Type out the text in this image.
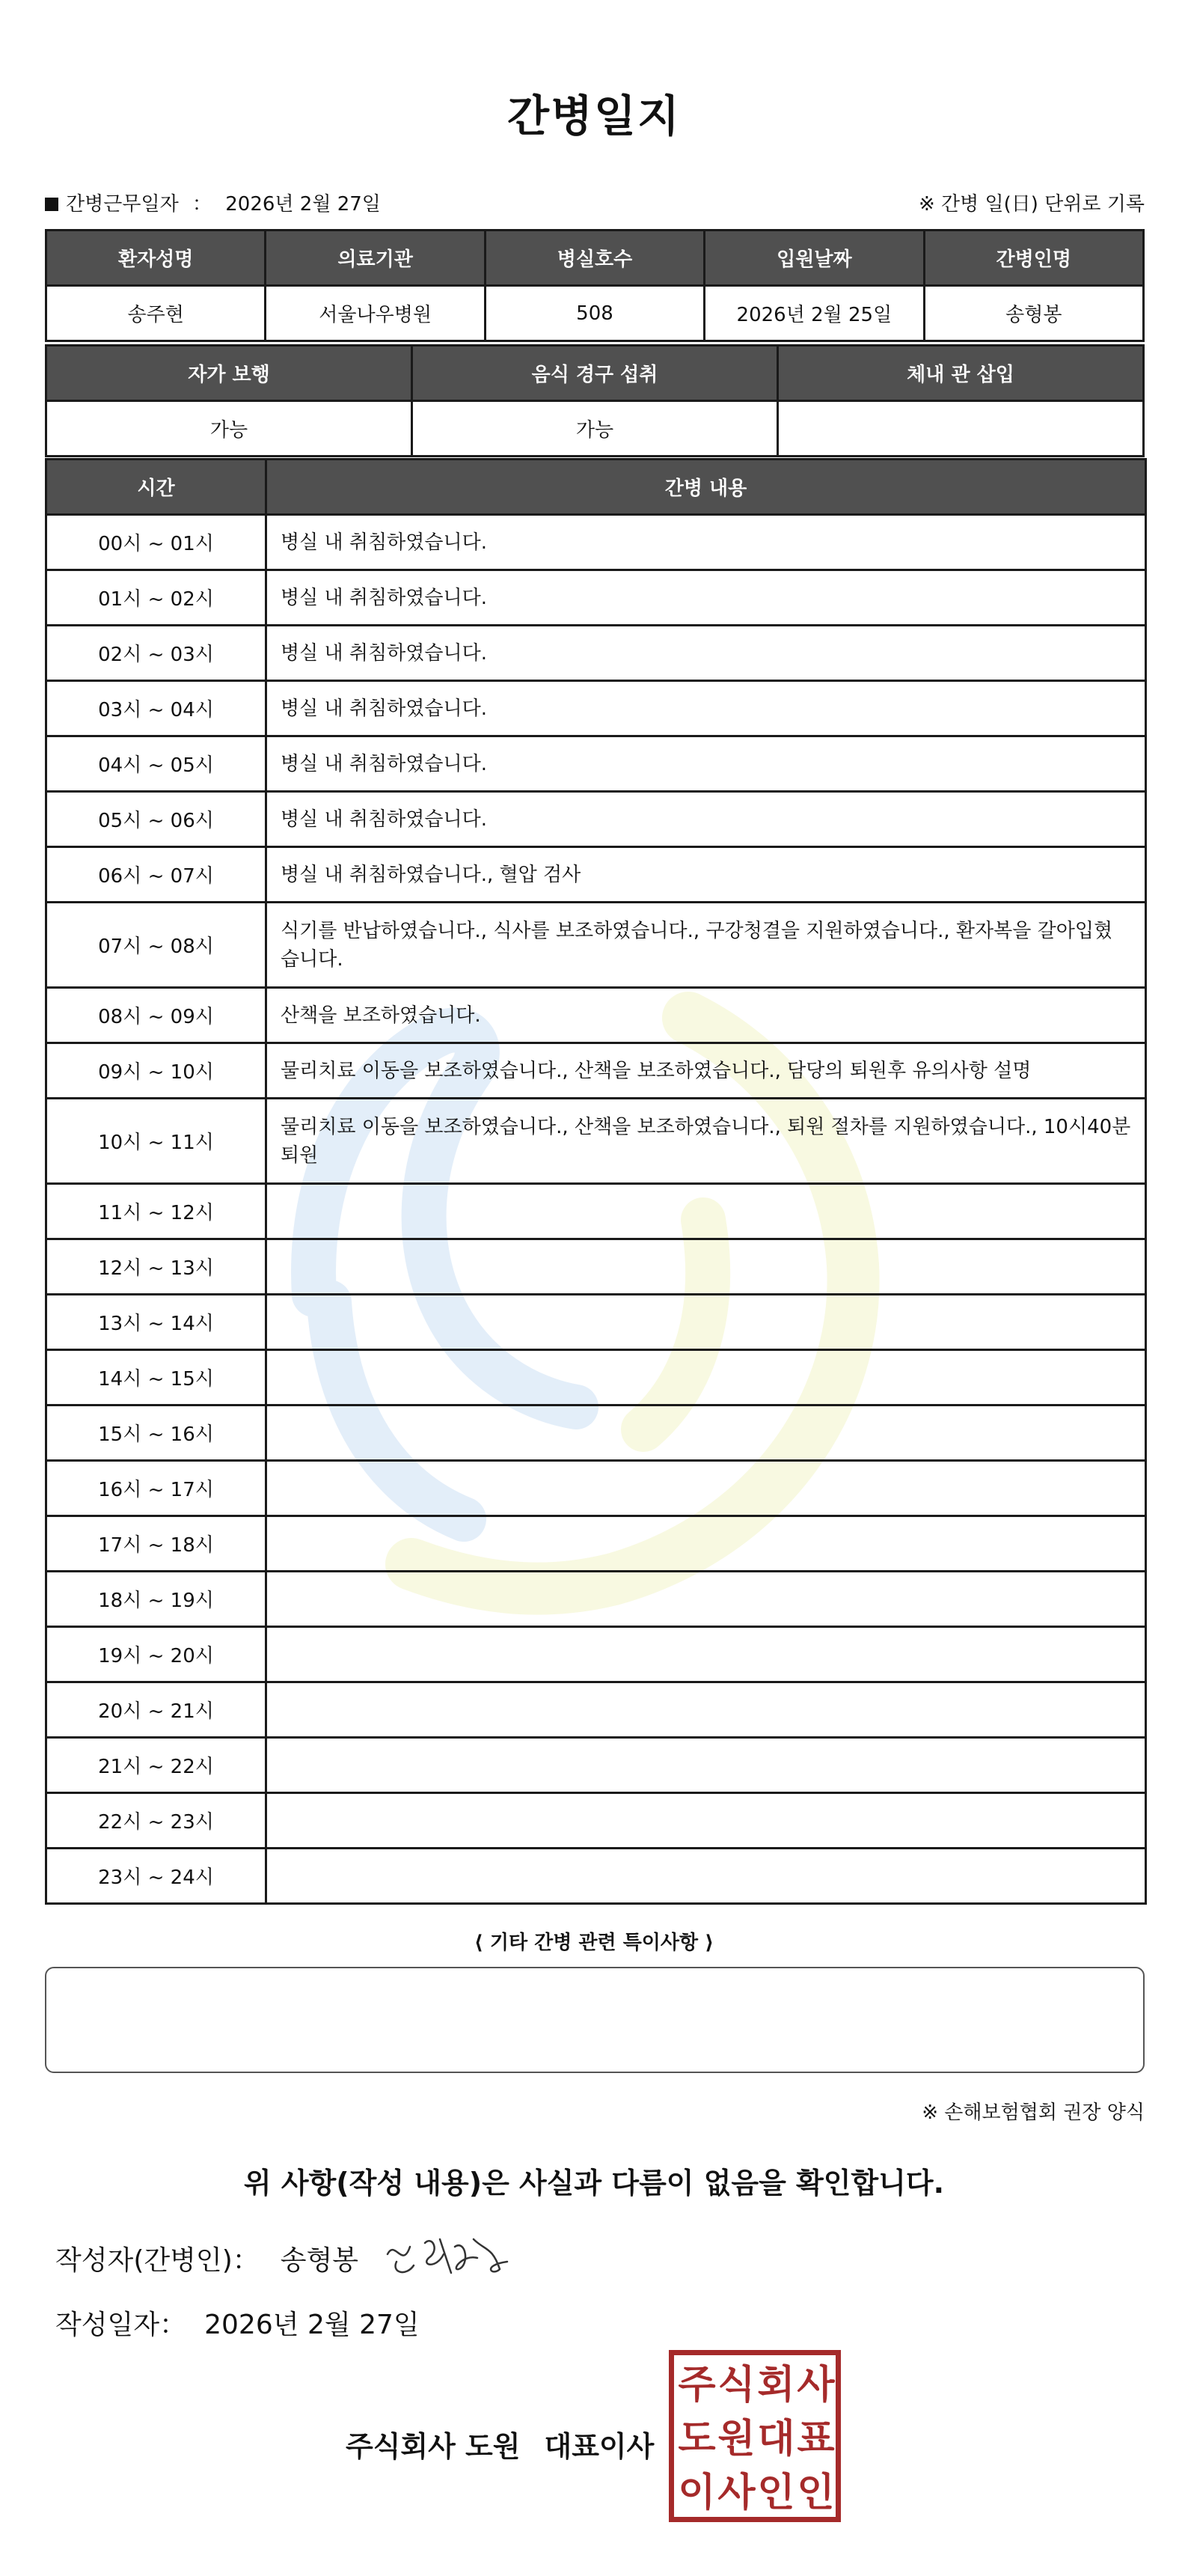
간병일지
간병근무일자 ： 2026년 2월 27일	※ 간병 일(日) 단위로 기록
환자성명	의료기관	병실호수	입원날짜	간병인명
송주현	서울나우병원	508	2026년 2월 25일	송형봉
자가 보행	음식 경구 섭취	체내 관 삽입
가능	가능	
시간	간병 내용
00시 ~ 01시	병실 내 취침하였습니다.
01시 ~ 02시	병실 내 취침하였습니다.
02시 ~ 03시	병실 내 취침하였습니다.
03시 ~ 04시	병실 내 취침하였습니다.
04시 ~ 05시	병실 내 취침하였습니다.
05시 ~ 06시	병실 내 취침하였습니다.
06시 ~ 07시	병실 내 취침하였습니다., 혈압 검사
07시 ~ 08시	식기를 반납하였습니다., 식사를 보조하였습니다., 구강청결을 지원하였습니다., 환자복을 갈아입혔습니다.
08시 ~ 09시	산책을 보조하였습니다.
09시 ~ 10시	물리치료 이동을 보조하였습니다., 산책을 보조하였습니다., 담당의 퇴원후 유의사항 설명
10시 ~ 11시	물리치료 이동을 보조하였습니다., 산책을 보조하였습니다., 퇴원 절차를 지원하였습니다., 10시40분 퇴원
11시 ~ 12시	
12시 ~ 13시	
13시 ~ 14시	
14시 ~ 15시	
15시 ~ 16시	
16시 ~ 17시	
17시 ~ 18시	
18시 ~ 19시	
19시 ~ 20시	
20시 ~ 21시	
21시 ~ 22시	
22시 ~ 23시	
23시 ~ 24시	
⟨ 기타 간병 관련 특이사항 ⟩
※ 손해보험협회 권장 양식
위 사항(작성 내용)은 사실과 다름이 없음을 확인합니다.
작성자(간병인)： 송형봉
작성일자： 2026년 2월 27일
주식회사 도원 대표이사
주 식 회 사
도 원 대 표
이 사 인 인
